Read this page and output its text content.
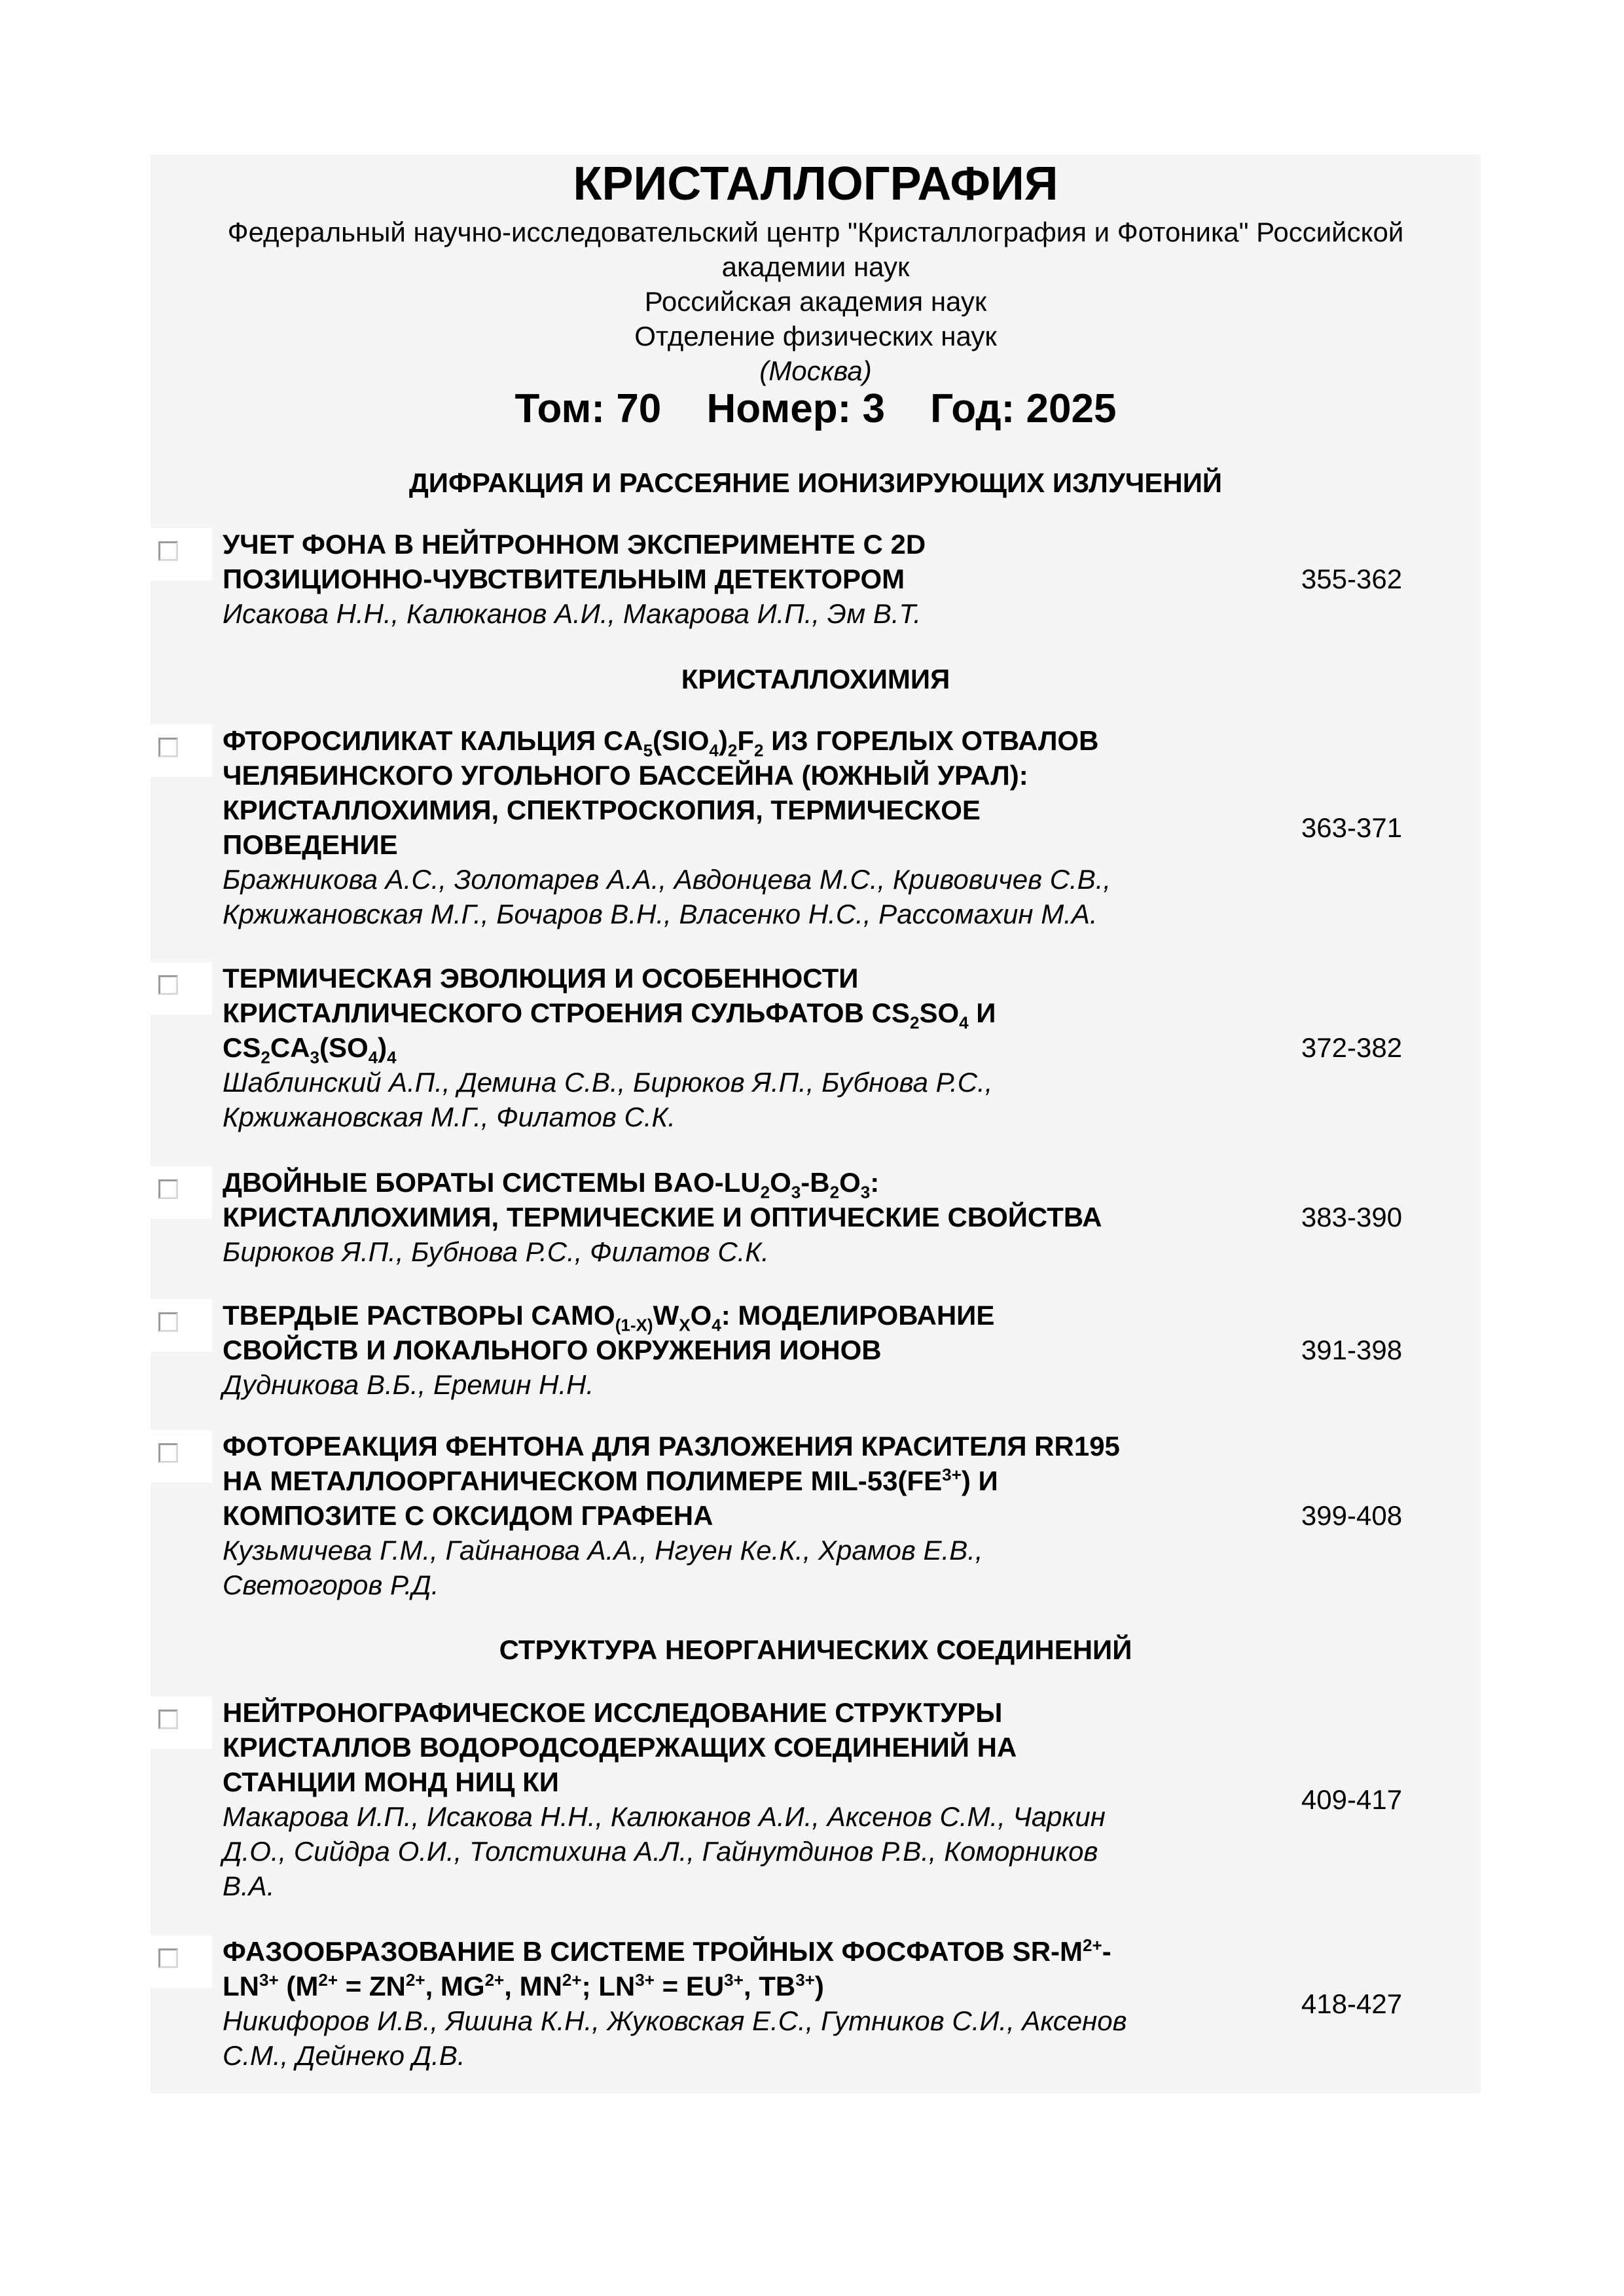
КРИСТАЛЛОГРАФИЯ
Федеральный научно-исследовательский центр "Кристаллография и Фотоника" Российской
академии наук
Российская академия наук
Отделение физических наук
(Москва)
Том: 70 Номер: 3 Год: 2025
ДИФРАКЦИЯ И РАССЕЯНИЕ ИОНИЗИРУЮЩИХ ИЗЛУЧЕНИЙ
КРИСТАЛЛОХИМИЯ
СТРУКТУРА НЕОРГАНИЧЕСКИХ СОЕДИНЕНИЙ
УЧЕТ ФОНА В НЕЙТРОННОМ ЭКСПЕРИМЕНТЕ С 2D
ПОЗИЦИОННО-ЧУВСТВИТЕЛЬНЫМ ДЕТЕКТОРОМ
Исакова Н.Н., Калюканов А.И., Макарова И.П., Эм В.Т.
355-362
ФТОРОСИЛИКАТ КАЛЬЦИЯ $CA_5(SIO_4)_2F_2$ ИЗ ГОРЕЛЫХ ОТВАЛОВ
ЧЕЛЯБИНСКОГО УГОЛЬНОГО БАССЕЙНА (ЮЖНЫЙ УРАЛ):
КРИСТАЛЛОХИМИЯ, СПЕКТРОСКОПИЯ, ТЕРМИЧЕСКОЕ
ПОВЕДЕНИЕ
Бражникова А.С., Золотарев А.А., Авдонцева М.С., Кривовичев С.В.,
Кржижановская М.Г., Бочаров В.Н., Власенко Н.С., Рассомахин М.А.
363-371
ТЕРМИЧЕСКАЯ ЭВОЛЮЦИЯ И ОСОБЕННОСТИ
КРИСТАЛЛИЧЕСКОГО СТРОЕНИЯ СУЛЬФАТОВ $CS_2SO_4$ И
$CS_2CA_3(SO_4)_4$
Шаблинский А.П., Демина С.В., Бирюков Я.П., Бубнова Р.С.,
Кржижановская М.Г., Филатов С.К.
372-382
ДВОЙНЫЕ БОРАТЫ СИСТЕМЫ BAO-$LU_2O_3-B_2O_3$:
КРИСТАЛЛОХИМИЯ, ТЕРМИЧЕСКИЕ И ОПТИЧЕСКИЕ СВОЙСТВА
Бирюков Я.П., Бубнова Р.С., Филатов С.К.
383-390
ТВЕРДЫЕ РАСТВОРЫ $CAMO_{(1-X)}W_XO_4$: МОДЕЛИРОВАНИЕ
СВОЙСТВ И ЛОКАЛЬНОГО ОКРУЖЕНИЯ ИОНОВ
Дудникова В.Б., Еремин Н.Н.
391-398
ФОТОРЕАКЦИЯ ФЕНТОНА ДЛЯ РАЗЛОЖЕНИЯ КРАСИТЕЛЯ RR195
НА МЕТАЛЛООРГАНИЧЕСКОМ ПОЛИМЕРЕ MIL-$53(FE^{3+})$ И
КОМПОЗИТЕ С ОКСИДОМ ГРАФЕНА
Кузьмичева Г.М., Гайнанова А.А., Нгуен Ке.К., Храмов Е.В.,
Светогоров Р.Д.
399-408
НЕЙТРОНОГРАФИЧЕСКОЕ ИССЛЕДОВАНИЕ СТРУКТУРЫ
КРИСТАЛЛОВ ВОДОРОДСОДЕРЖАЩИХ СОЕДИНЕНИЙ НА
СТАНЦИИ МОНД НИЦ КИ
Макарова И.П., Исакова Н.Н., Калюканов А.И., Аксенов С.М., Чаркин
Д.О., Сийдра О.И., Толстихина А.Л., Гайнутдинов Р.В., Коморников
В.А.
409-417
ФАЗООБРАЗОВАНИЕ В СИСТЕМЕ ТРОЙНЫХ ФОСФАТОВ $SR-M^{2+}-$
$LN^{3+}$ ($M^{2+} = ZN^{2+}$, $MG^{2+}$, $MN^{2+}$; $LN^{3+} = EU^{3+}$, $TB^{3+}$)
Никифоров И.В., Яшина К.Н., Жуковская Е.С., Гутников С.И., Аксенов
С.М., Дейнеко Д.В.
418-427
